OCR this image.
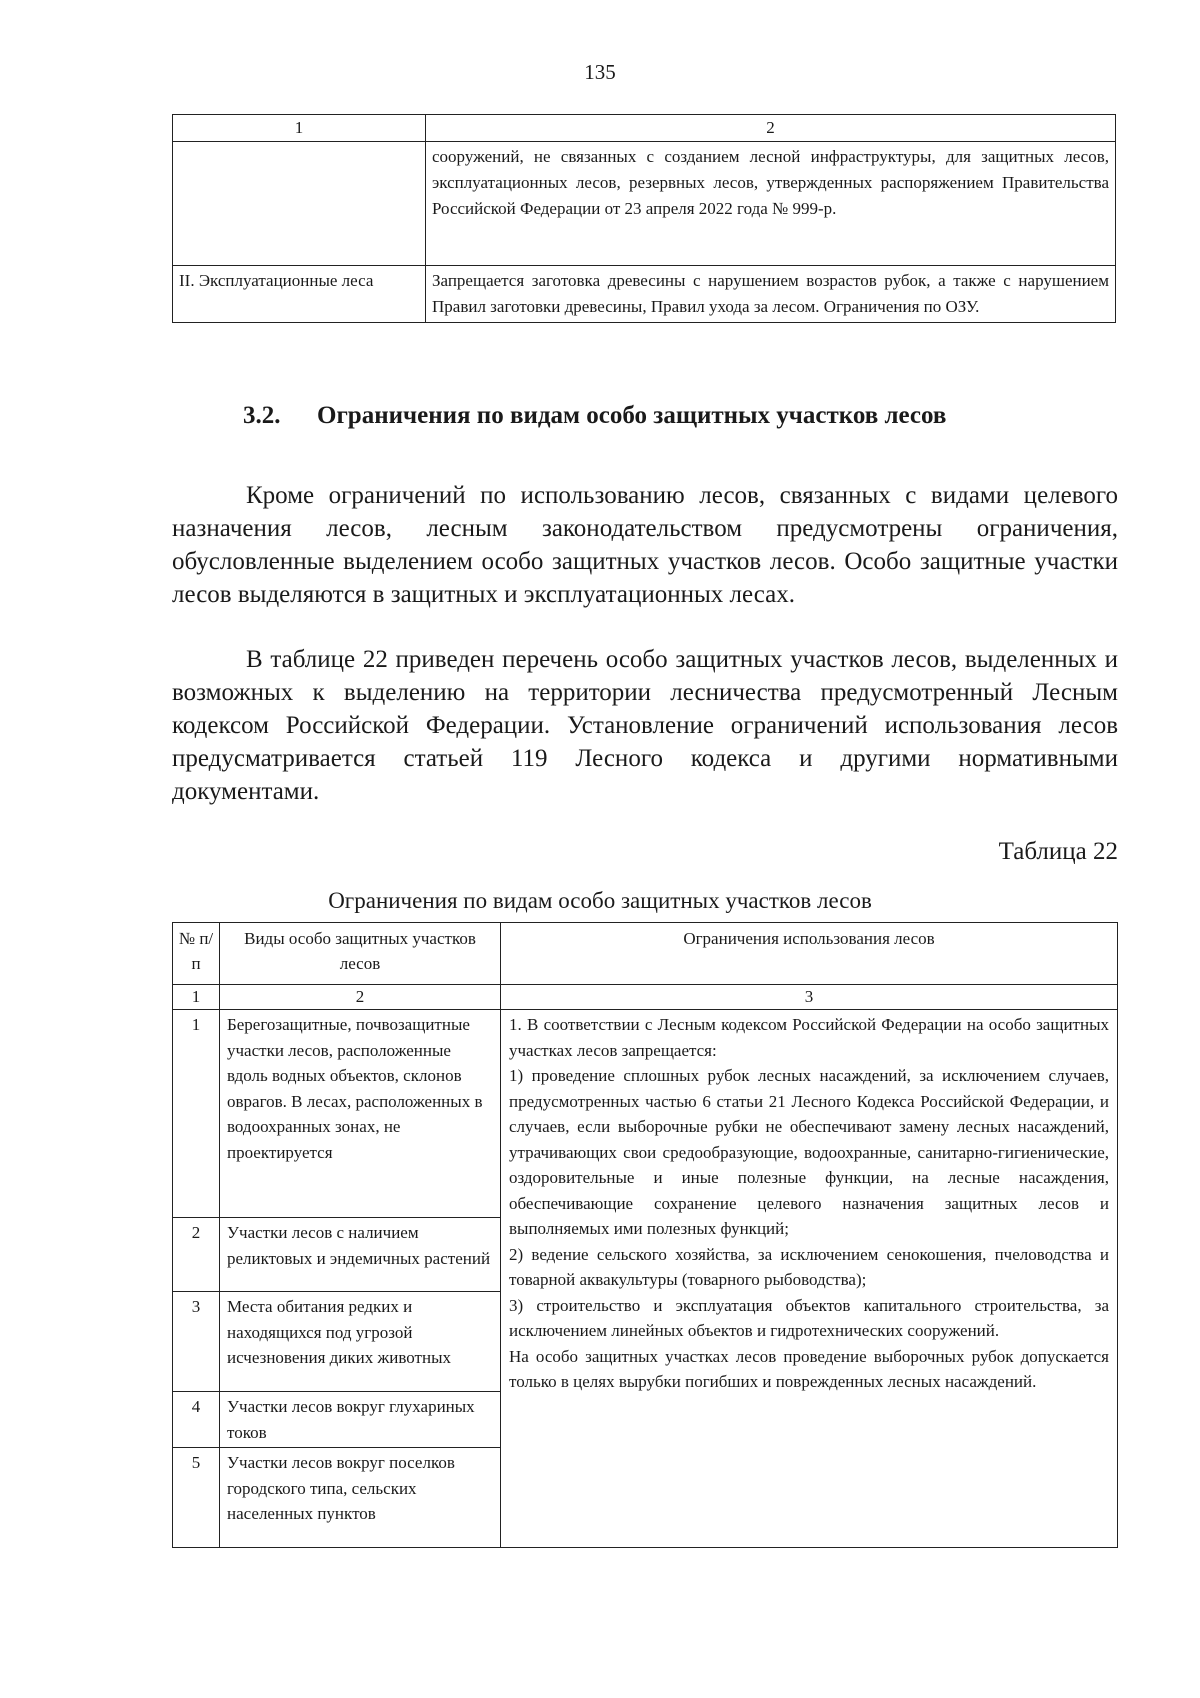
135
1	2
	сооружений, не связанных с созданием лесной инфраструктуры, для защитных лесов, эксплуатационных лесов, резервных лесов, утвержденных распоряжением Правительства Российской Федерации от 23 апреля 2022 года № 999-р.
II. Эксплуатационные леса	Запрещается заготовка древесины с нарушением возрастов рубок, а также с нарушением Правил заготовки древесины, Правил ухода за лесом. Ограничения по ОЗУ.
3.2. Ограничения по видам особо защитных участков лесов

Кроме ограничений по использованию лесов, связанных с видами целевого назначения лесов, лесным законодательством предусмотрены ограничения, обусловленные выделением особо защитных участков лесов. Особо защитные участки лесов выделяются в защитных и эксплуатационных лесах.

В таблице 22 приведен перечень особо защитных участков лесов, выделенных и возможных к выделению на территории лесничества предусмотренный Лесным кодексом Российской Федерации. Установление ограничений использования лесов предусматривается статьей 119 Лесного кодекса и другими нормативными документами.

Таблица 22
Ограничения по видам особо защитных участков лесов
№ п/п	Виды особо защитных участков лесов	Ограничения использования лесов
1	2	3
1	Берегозащитные, почвозащитные участки лесов, расположенные вдоль водных объектов, склонов оврагов. В лесах, расположенных в водоохранных зонах, не проектируется	1. В соответствии с Лесным кодексом Российской Федерации на особо защитных участках лесов запрещается:

1) проведение сплошных рубок лесных насаждений, за исключением случаев, предусмотренных частью 6 статьи 21 Лесного Кодекса Российской Федерации, и случаев, если выборочные рубки не обеспечивают замену лесных насаждений, утрачивающих свои средообразующие, водоохранные, санитарно-гигиенические, оздоровительные и иные полезные функции, на лесные насаждения, обеспечивающие сохранение целевого назначения защитных лесов и выполняемых ими полезных функций;

2) ведение сельского хозяйства, за исключением сенокошения, пчеловодства и товарной аквакультуры (товарного рыбоводства);

3) строительство и эксплуатация объектов капитального строительства, за исключением линейных объектов и гидротехнических сооружений.

На особо защитных участках лесов проведение выборочных рубок допускается только в целях вырубки погибших и поврежденных лесных насаждений.

2	Участки лесов с наличием реликтовых и эндемичных растений	
3	Места обитания редких и находящихся под угрозой исчезновения диких животных	
4	Участки лесов вокруг глухариных токов	
5	Участки лесов вокруг поселков городского типа, сельских населенных пунктов	
